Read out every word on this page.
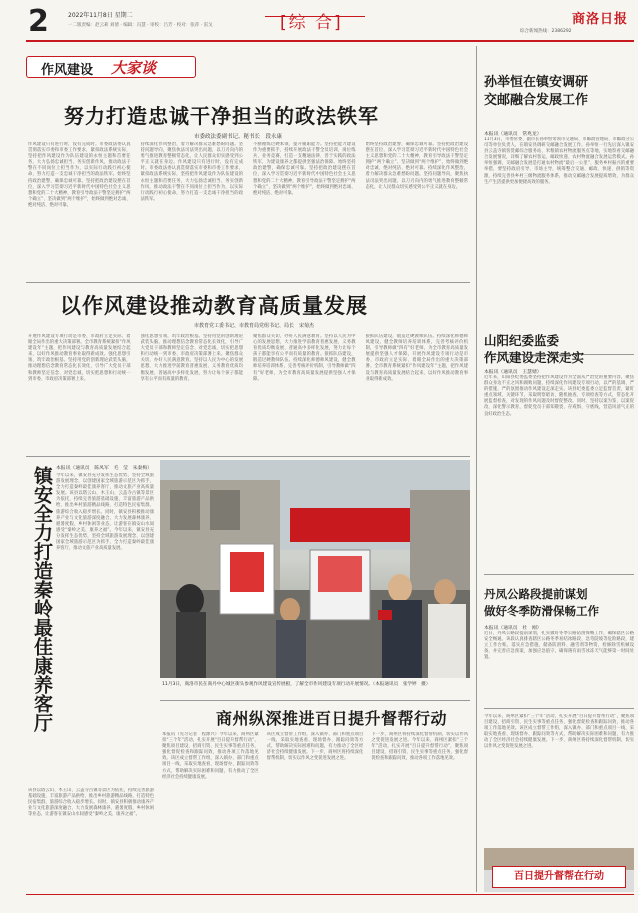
2	2022年11月8日 星期二
一二版责编：赵云莉 刘倩 · 编辑：冯慧 · 审校：吕芳 · 校对：张萍 · 雷戈	[综 合]	商洛日报
综合新闻热线：2386292
作风建设 大家谈
努力打造忠诚干净担当的政法铁军
市委政法委副书记、秘书长　段永康
作风建设只有进行时，没有完成时。市委政法委认真贯彻落实市委和市委工作要求，紧扣政法系统实际，坚持把作风建设作为队伍建设的永恒主题和首要任务，大力弘扬忠诚担当、务实创新作风，推动政法干警在不同岗位上担当作为，以实际行动践行初心使命，努力打造一支忠诚干净担当的政法铁军。始终坚持政治建警，确保忠诚可靠。坚持把政治建设摆在首位，深入学习贯彻习近平新时代中国特色社会主义思想和党的二十大精神，教育引导政法干警坚定拥护“两个确立”、坚决做到“两个维护”，始终做到绝对忠诚、绝对纯洁、绝对可靠。
持续深化作风整治，着力解决群众急难愁盼问题。坚持问题导向，聚焦执法司法突出问题，以刀刃向内的勇气推进教育整顿常态化，让人民群众切实感受到公平正义就在身边。作风建设只有进行时，没有完成时。市委政法委认真贯彻落实市委和市委工作要求，紧扣政法系统实际，坚持把作风建设作为队伍建设的永恒主题和首要任务，大力弘扬忠诚担当、务实创新作风，推动政法干警在不同岗位上担当作为，以实际行动践行初心使命，努力打造一支忠诚干净担当的政法铁军。
不断锤炼过硬本领，提升履职能力。坚持把能力建设作为重要抓手，持续开展政法干警全员培训、岗位练兵、业务竞赛，打造一支精通法律、善于实践的政法铁军，为建设康养之都提供坚强法治保障。始终坚持政治建警，确保忠诚可靠。坚持把政治建设摆在首位，深入学习贯彻习近平新时代中国特色社会主义思想和党的二十大精神，教育引导政法干警坚定拥护“两个确立”、坚决做到“两个维护”，始终做到绝对忠诚、绝对纯洁、绝对可靠。
始终坚持政治建警，确保忠诚可靠。坚持把政治建设摆在首位，深入学习贯彻习近平新时代中国特色社会主义思想和党的二十大精神，教育引导政法干警坚定拥护“两个确立”、坚决做到“两个维护”，始终做到绝对忠诚、绝对纯洁、绝对可靠。持续深化作风整治，着力解决群众急难愁盼问题。坚持问题导向，聚焦执法司法突出问题，以刀刃向内的勇气推进教育整顿常态化，让人民群众切实感受到公平正义就在身边。
以作风建设推动教育高质量发展
市教育党工委书记、市教育局党组书记、局长　宋菊杰
开展作风建设专项行动是市委、市政府立足实际、着眼全局作出的重大决策部署。全市教育系统紧扣“作风建设年”主题，把作风建设与教育高质量发展结合起来，以好作风推动教育事业取得新成效。强化思想引领，筑牢政治根基。坚持用党的创新理论武装头脑，推动理想信念教育常态化长效化，引导广大党员干部和教师坚定信念、对党忠诚，切实把思想和行动统一到市委、市政府决策部署上来。
强化思想引领，筑牢政治根基。坚持用党的创新理论武装头脑，推动理想信念教育常态化长效化，引导广大党员干部和教师坚定信念、对党忠诚，切实把思想和行动统一到市委、市政府决策部署上来。聚焦群众关切，办好人民满意教育。坚持以人民为中心的发展思想，大力推进学前教育普惠发展、义务教育优质均衡发展、普通高中多样化发展，努力让每个孩子都能享有公平而有质量的教育。
聚焦群众关切，办好人民满意教育。坚持以人民为中心的发展思想，大力推进学前教育普惠发展、义务教育优质均衡发展、普通高中多样化发展，努力让每个孩子都能享有公平而有质量的教育。狠抓队伍建设，锻造过硬教师队伍。持续深化师德师风建设，健全教师培养培训体系，完善考核评价机制，引导教师做“四有”好老师，为全市教育高质量发展提供坚强人才保障。
狠抓队伍建设，锻造过硬教师队伍。持续深化师德师风建设，健全教师培养培训体系，完善考核评价机制，引导教师做“四有”好老师，为全市教育高质量发展提供坚强人才保障。开展作风建设专项行动是市委、市政府立足实际、着眼全局作出的重大决策部署。全市教育系统紧扣“作风建设年”主题，把作风建设与教育高质量发展结合起来，以好作风推动教育事业取得新成效。
镇安全力打造秦岭最佳康养客厅 本报讯（通讯员　陈凤军　毛　莹　朱秦梅）
今年以来，镇安县充分发挥生态优势，坚持全域旅游发展理念，以创建国家全域旅游示范区为抓手，全力打造秦岭最佳康养客厅，推动文旅产业高质量发展。该县以塔云山、木王山、云盖寺古镇等景区为依托，持续完善旅游基础设施，丰富旅游产品供给，推出乡村旅游精品线路，打造特色民宿集群，旅游综合收入稳步增长。同时，镇安县积极推动康养产业与文化旅游深度融合，大力发展森林康养、避暑度假、乡村休闲等业态，让游客在镇安山水间感受“秦岭之美、康养之福”。今年以来，镇安县充分发挥生态优势，坚持全域旅游发展理念，以创建国家全域旅游示范区为抓手，全力打造秦岭最佳康养客厅，推动文旅产业高质量发展。
该县以塔云山、木王山、云盖寺古镇等景区为依托，持续完善旅游基础设施，丰富旅游产品供给，推出乡村旅游精品线路，打造特色民宿集群，旅游综合收入稳步增长。同时，镇安县积极推动康养产业与文化旅游深度融合，大力发展森林康养、避暑度假、乡村休闲等业态，让游客在镇安山水间感受“秦岭之美、康养之福”。
11月3日，商洛市民在商丹中心城区街头参观作风建设宣传展板，了解全市作风建设专项行动开展情况。（本报通讯员　张学婷　摄）
商州纵深推进百日提升督帮行动
本报讯（见习记者　程源兴）今年以来，商州区紧扣“三个年”活动，扎实开展“百日提升督帮行动”，聚焦项目建设、招商引资、民生实事等重点任务，强化督促检查和跟踪问效，推动各项工作落地见效。该区成立督帮工作组，深入镇办、部门和重点项目一线，采取实地查看、现场督办、跟踪问效等方式，帮助解决实际困难和问题，有力推动了全区经济社会持续健康发展。
该区成立督帮工作组，深入镇办、部门和重点项目一线，采取实地查看、现场督办、跟踪问效等方式，帮助解决实际困难和问题，有力推动了全区经济社会持续健康发展。下一步，商州区将持续深化督帮机制，切实以作风之变促进发展之进。
下一步，商州区将持续深化督帮机制，切实以作风之变促进发展之进。今年以来，商州区紧扣“三个年”活动，扎实开展“百日提升督帮行动”，聚焦项目建设、招商引资、民生实事等重点任务，强化督促检查和跟踪问效，推动各项工作落地见效。
孙举恒在镇安调研
交邮融合发展工作
本报讯（通讯员　常兆龙）
11月3日，市委常委、副市长孙举恒带领市交通局、市邮政管理局、市邮政分公司等单位负责人，在镇安县调研交邮融合发展工作。孙举恒一行先后深入镇安县云盖寺镇客货邮综合服务站、米粮镇农村物流服务点等地，实地察看交邮融合发展情况，详细了解农村客运、邮政快递、农村物流融合发展运营模式。孙举恒强调，交邮融合发展是打通农村物流“最后一公里”、服务乡村振兴的重要举措，要坚持政府引导、市场主导，统筹整合交通、邮政、快递、供销等资源，持续完善县乡村三级物流服务体系，推动交邮融合发展提质增效，为群众生产生活提供更加便捷高效的服务。
山阳纪委监委
作风建设走深走实
本报讯（通讯员　王慧婧）
近年来，山阳县纪委监委坚持把作风建设作为全面从严治党的重要内容，聚焦群众身边不正之风和腐败问题，持续深化作风建设专项行动，以严的基调、严的措施、严的氛围推动作风建设走深走实。该县纪委监委立足监督首责，紧盯重点领域、关键环节，采取明察暗访、随机抽查、专项检查等方式，常态化开展监督检查，对发现的作风问题及时督促整改。同时，坚持以案为鉴、以案促改，深化警示教育，督促党员干部知敬畏、存戒惧、守底线，营造风清气正的良好政治生态。
丹凤公路段提前谋划
做好冬季防滑保畅工作
本报讯（通讯员　杜　刚）
近日，丹凤公路段提前谋划，扎实做好冬季公路防滑保畅工作，确保辖区公路安全畅通。该段认真排查辖区公路冬季易结冰路段、急弯陡坡等危险路段，建立工作台账，落实应急措施，储备防滑料、融雪剂等物资，检修除雪机械设备，并完善应急预案，加强应急值守，确保遇有雨雪冰冻天气能够第一时间处置。
今年以来，商州区紧扣“三个年”活动，扎实开展“百日提升督帮行动”，聚焦项目建设、招商引资、民生实事等重点任务，强化督促检查和跟踪问效，推动各项工作落地见效。该区成立督帮工作组，深入镇办、部门和重点项目一线，采取实地查看、现场督办、跟踪问效等方式，帮助解决实际困难和问题，有力推动了全区经济社会持续健康发展。下一步，商州区将持续深化督帮机制，切实以作风之变促进发展之进。
百日提升督帮在行动
